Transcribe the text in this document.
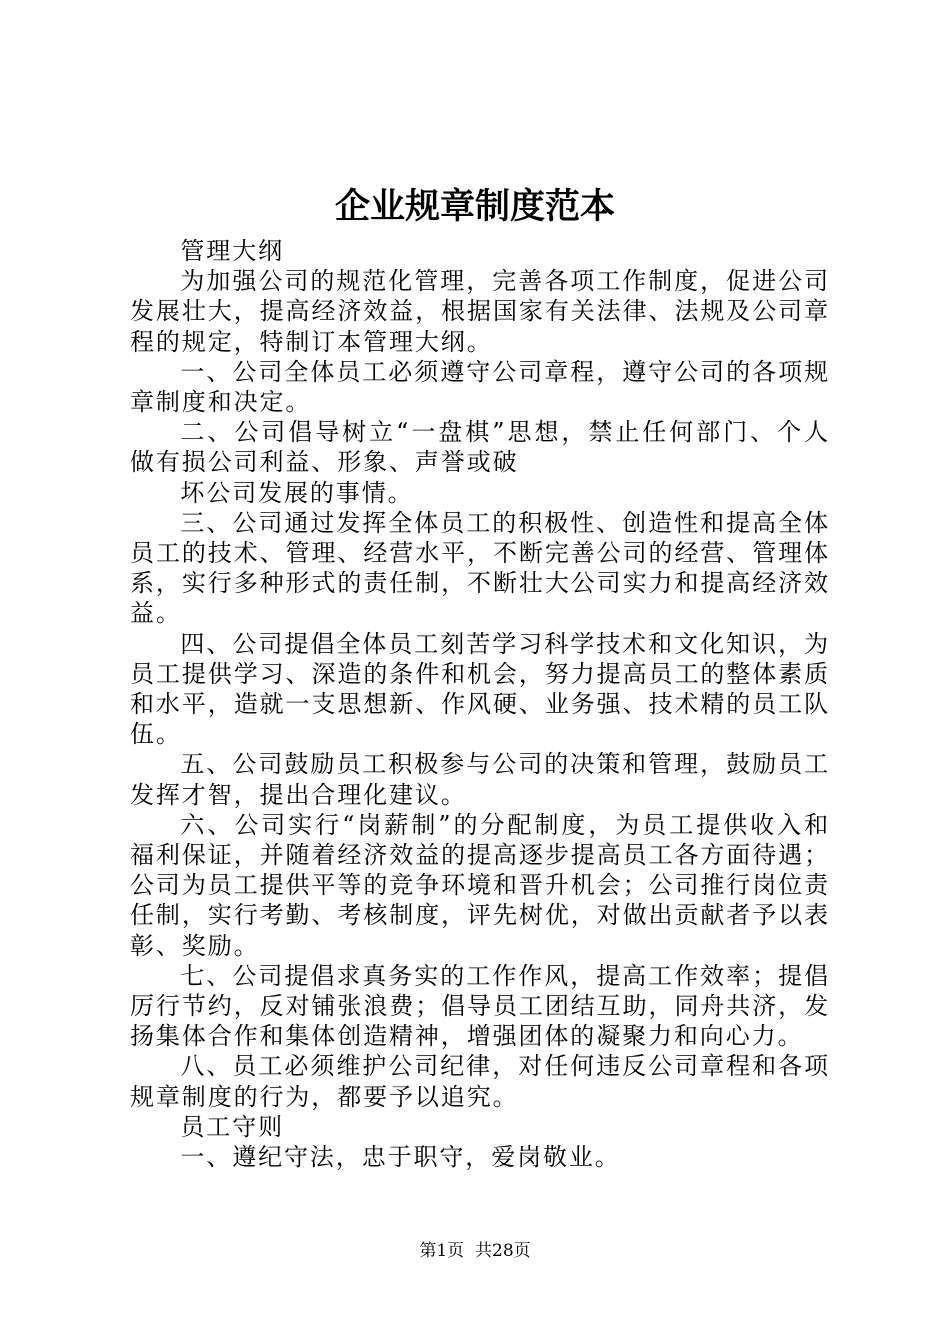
企业规章制度范本

管理大纲

为加强公司的规范化管理，完善各项工作制度，促进公司发展壮大，提高经济效益，根据国家有关法律、法规及公司章程的规定，特制订本管理大纲。

一、公司全体员工必须遵守公司章程，遵守公司的各项规章制度和决定。

二、公司倡导树立“一盘棋”思想，禁止任何部门、个人做有损公司利益、形象、声誉或破

坏公司发展的事情。

三、公司通过发挥全体员工的积极性、创造性和提高全体员工的技术、管理、经营水平，不断完善公司的经营、管理体系，实行多种形式的责任制，不断壮大公司实力和提高经济效益。

四、公司提倡全体员工刻苦学习科学技术和文化知识，为员工提供学习、深造的条件和机会，努力提高员工的整体素质和水平，造就一支思想新、作风硬、业务强、技术精的员工队伍。

五、公司鼓励员工积极参与公司的决策和管理，鼓励员工发挥才智，提出合理化建议。

六、公司实行“岗薪制”的分配制度，为员工提供收入和福利保证，并随着经济效益的提高逐步提高员工各方面待遇；公司为员工提供平等的竞争环境和晋升机会；公司推行岗位责任制，实行考勤、考核制度，评先树优，对做出贡献者予以表彰、奖励。

七、公司提倡求真务实的工作作风，提高工作效率；提倡厉行节约，反对铺张浪费；倡导员工团结互助，同舟共济，发扬集体合作和集体创造精神，增强团体的凝聚力和向心力。

八、员工必须维护公司纪律，对任何违反公司章程和各项规章制度的行为，都要予以追究。

员工守则

一、遵纪守法，忠于职守，爱岗敬业。

第1页 共28页
